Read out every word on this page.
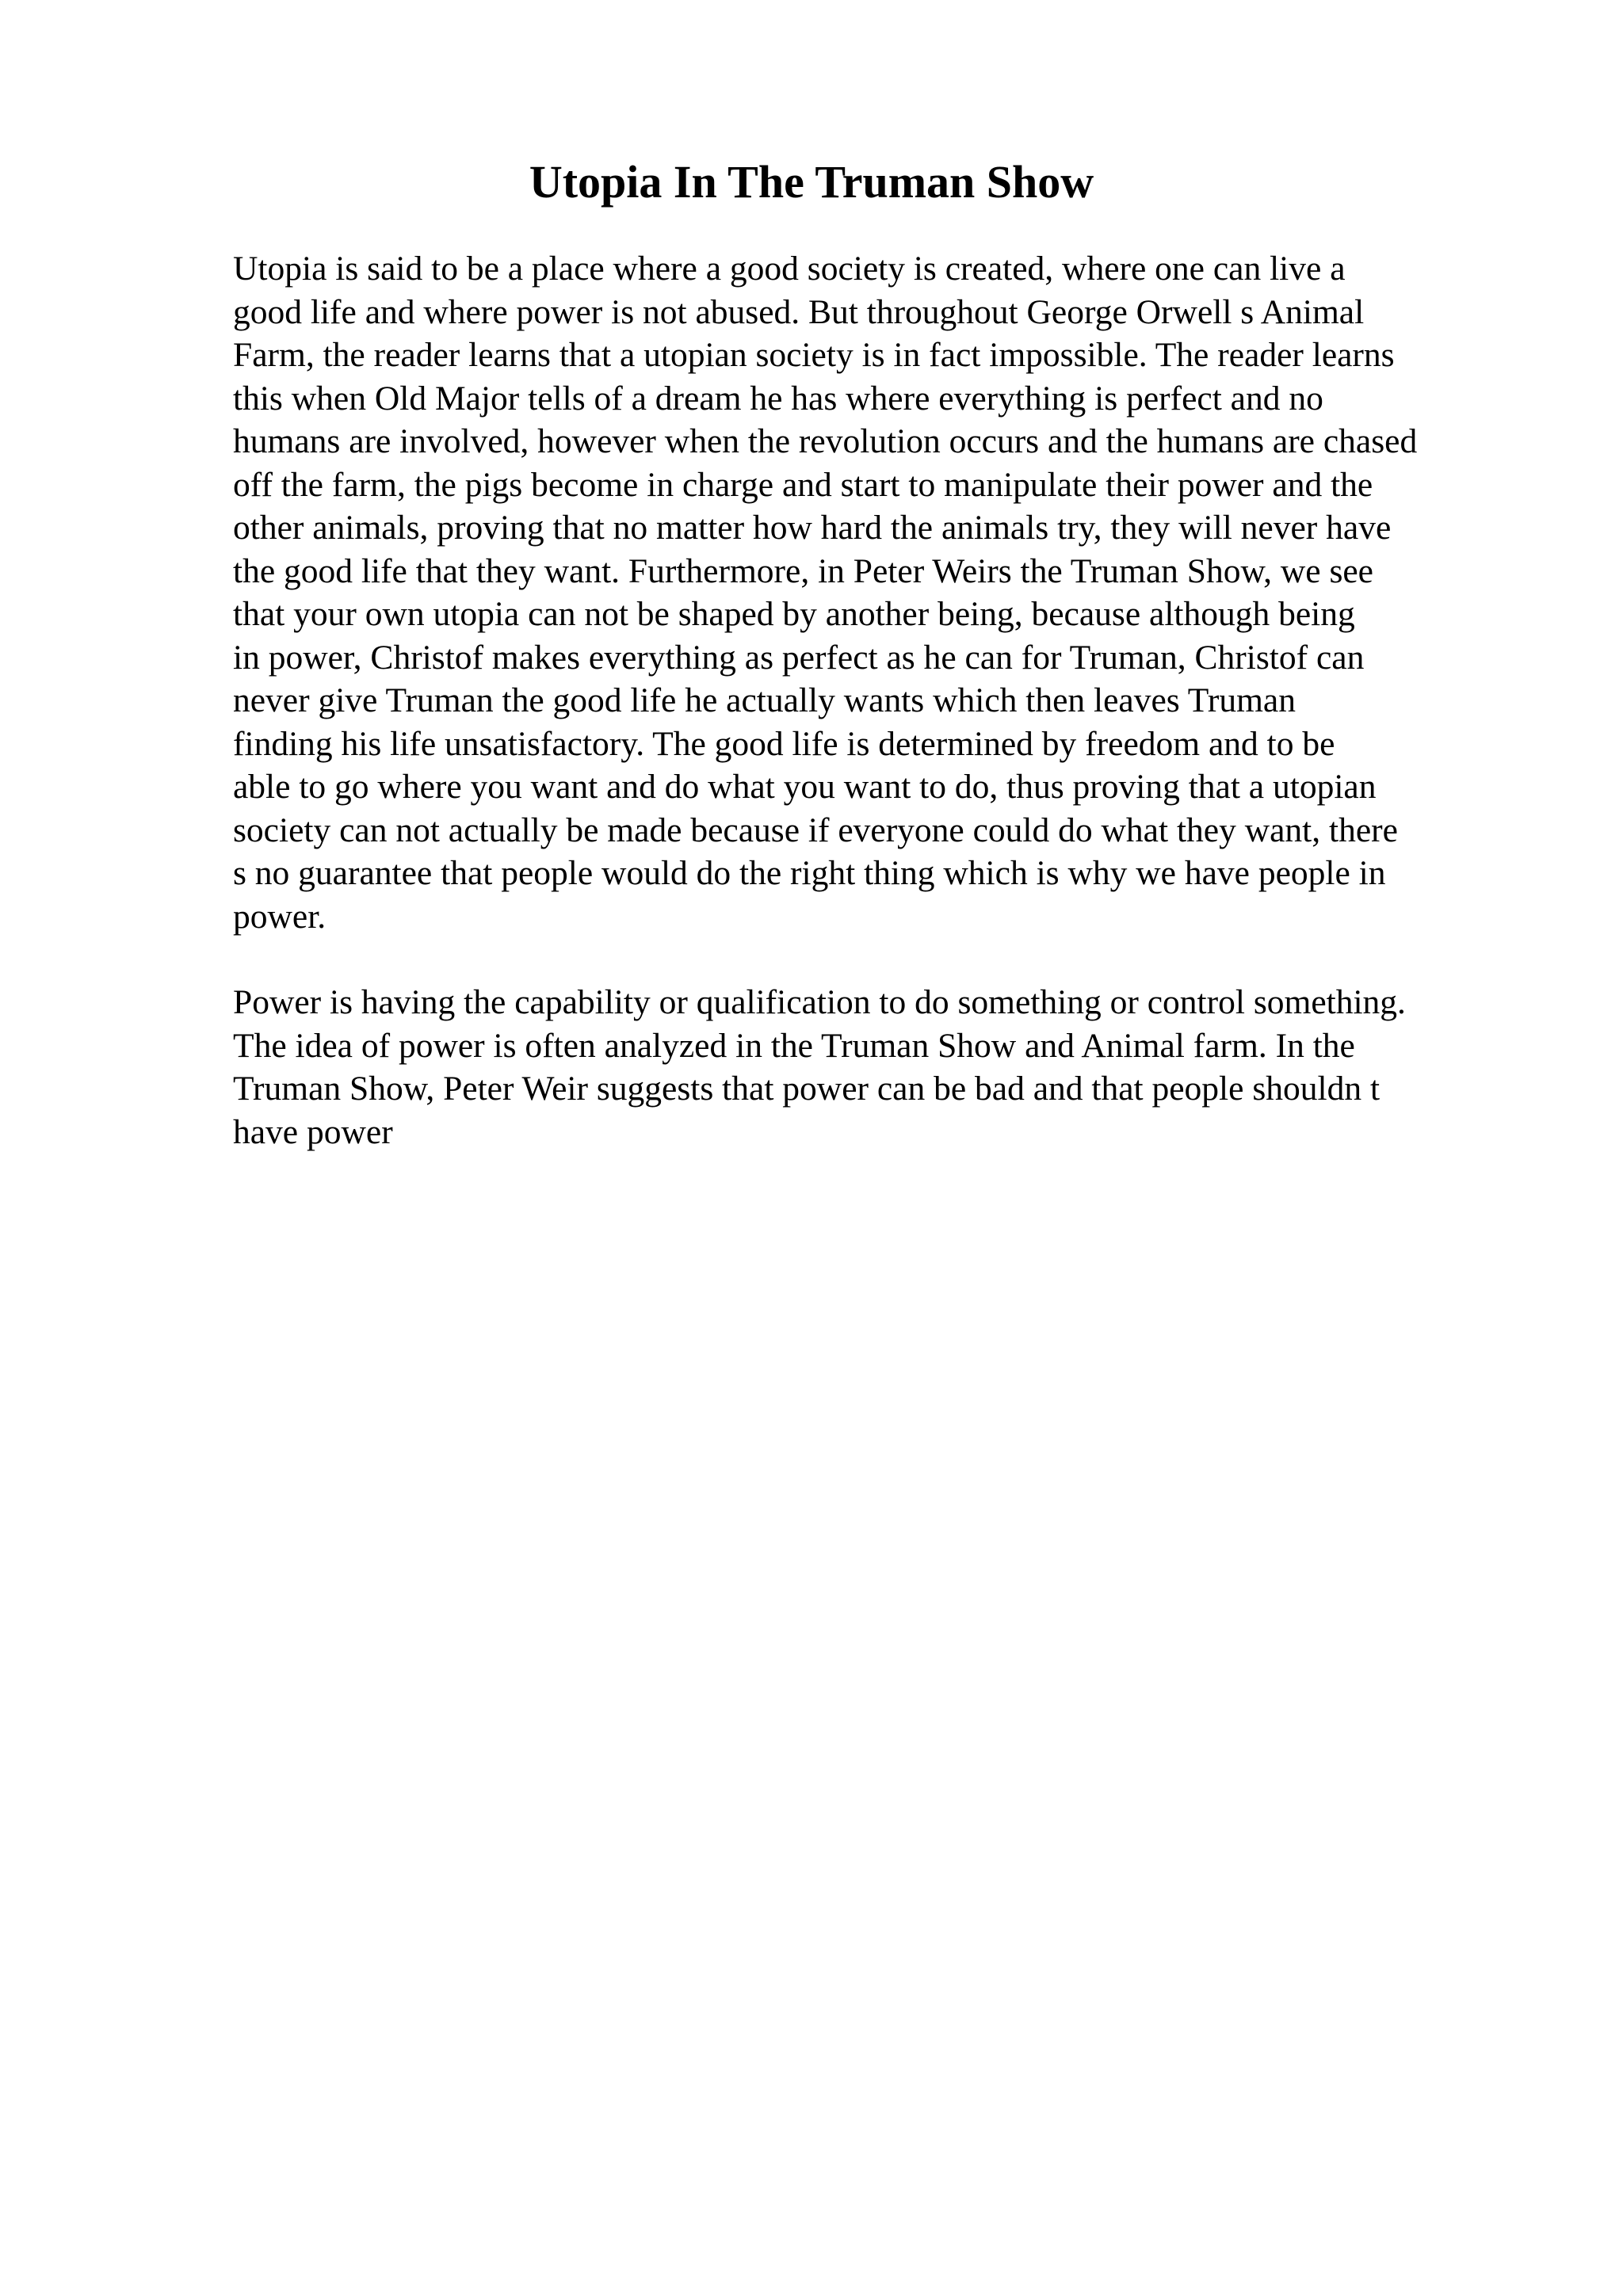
Utopia In The Truman Show
Utopia is said to be a place where a good society is created, where one can live a
good life and where power is not abused. But throughout George Orwell s Animal
Farm, the reader learns that a utopian society is in fact impossible. The reader learns
this when Old Major tells of a dream he has where everything is perfect and no
humans are involved, however when the revolution occurs and the humans are chased
off the farm, the pigs become in charge and start to manipulate their power and the
other animals, proving that no matter how hard the animals try, they will never have
the good life that they want. Furthermore, in Peter Weirs the Truman Show, we see
that your own utopia can not be shaped by another being, because although being
in power, Christof makes everything as perfect as he can for Truman, Christof can
never give Truman the good life he actually wants which then leaves Truman
finding his life unsatisfactory. The good life is determined by freedom and to be
able to go where you want and do what you want to do, thus proving that a utopian
society can not actually be made because if everyone could do what they want, there
s no guarantee that people would do the right thing which is why we have people in
power.
Power is having the capability or qualification to do something or control something.
The idea of power is often analyzed in the Truman Show and Animal farm. In the
Truman Show, Peter Weir suggests that power can be bad and that people shouldn t
have power
